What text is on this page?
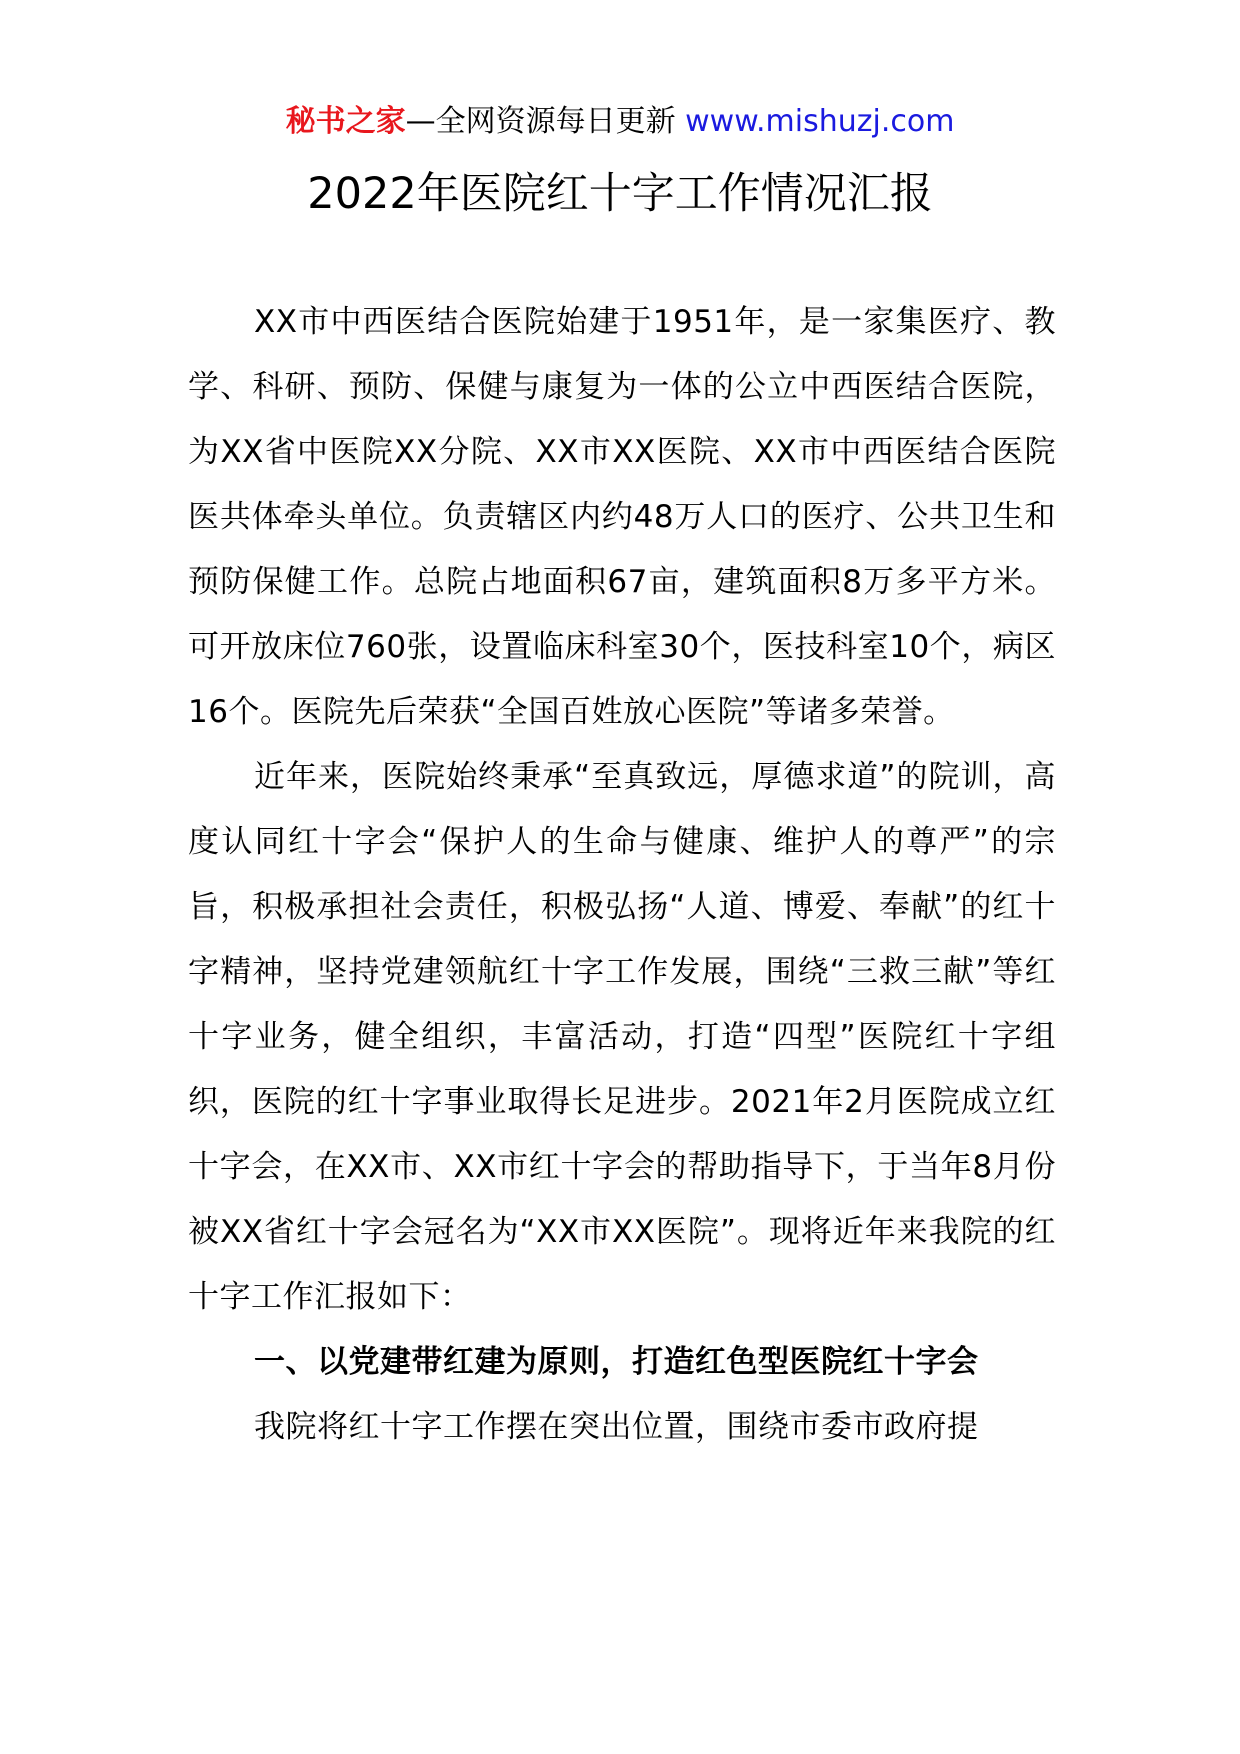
秘书之家—全网资源每日更新 www.mishuzj.com
2022年医院红十字工作情况汇报

XX市中西医结合医院始建于1951年，是一家集医疗、教学、科研、预防、保健与康复为一体的公立中西医结合医院，为XX省中医院XX分院、XX市XX医院、XX市中西医结合医院医共体牵头单位。负责辖区内约48万人口的医疗、公共卫生和预防保健工作。总院占地面积67亩，建筑面积8万多平方米。可开放床位760张，设置临床科室30个，医技科室10个，病区16个。医院先后荣获“全国百姓放心医院”等诸多荣誉。

近年来，医院始终秉承“至真致远，厚德求道”的院训，高度认同红十字会“保护人的生命与健康、维护人的尊严”的宗旨，积极承担社会责任，积极弘扬“人道、博爱、奉献”的红十字精神，坚持党建领航红十字工作发展，围绕“三救三献”等红十字业务，健全组织，丰富活动，打造“四型”医院红十字组织，医院的红十字事业取得长足进步。2021年2月医院成立红十字会，在XX市、XX市红十字会的帮助指导下，于当年8月份被XX省红十字会冠名为“XX市XX医院”。现将近年来我院的红十字工作汇报如下：

一、以党建带红建为原则，打造红色型医院红十字会

我院将红十字工作摆在突出位置，围绕市委市政府提
